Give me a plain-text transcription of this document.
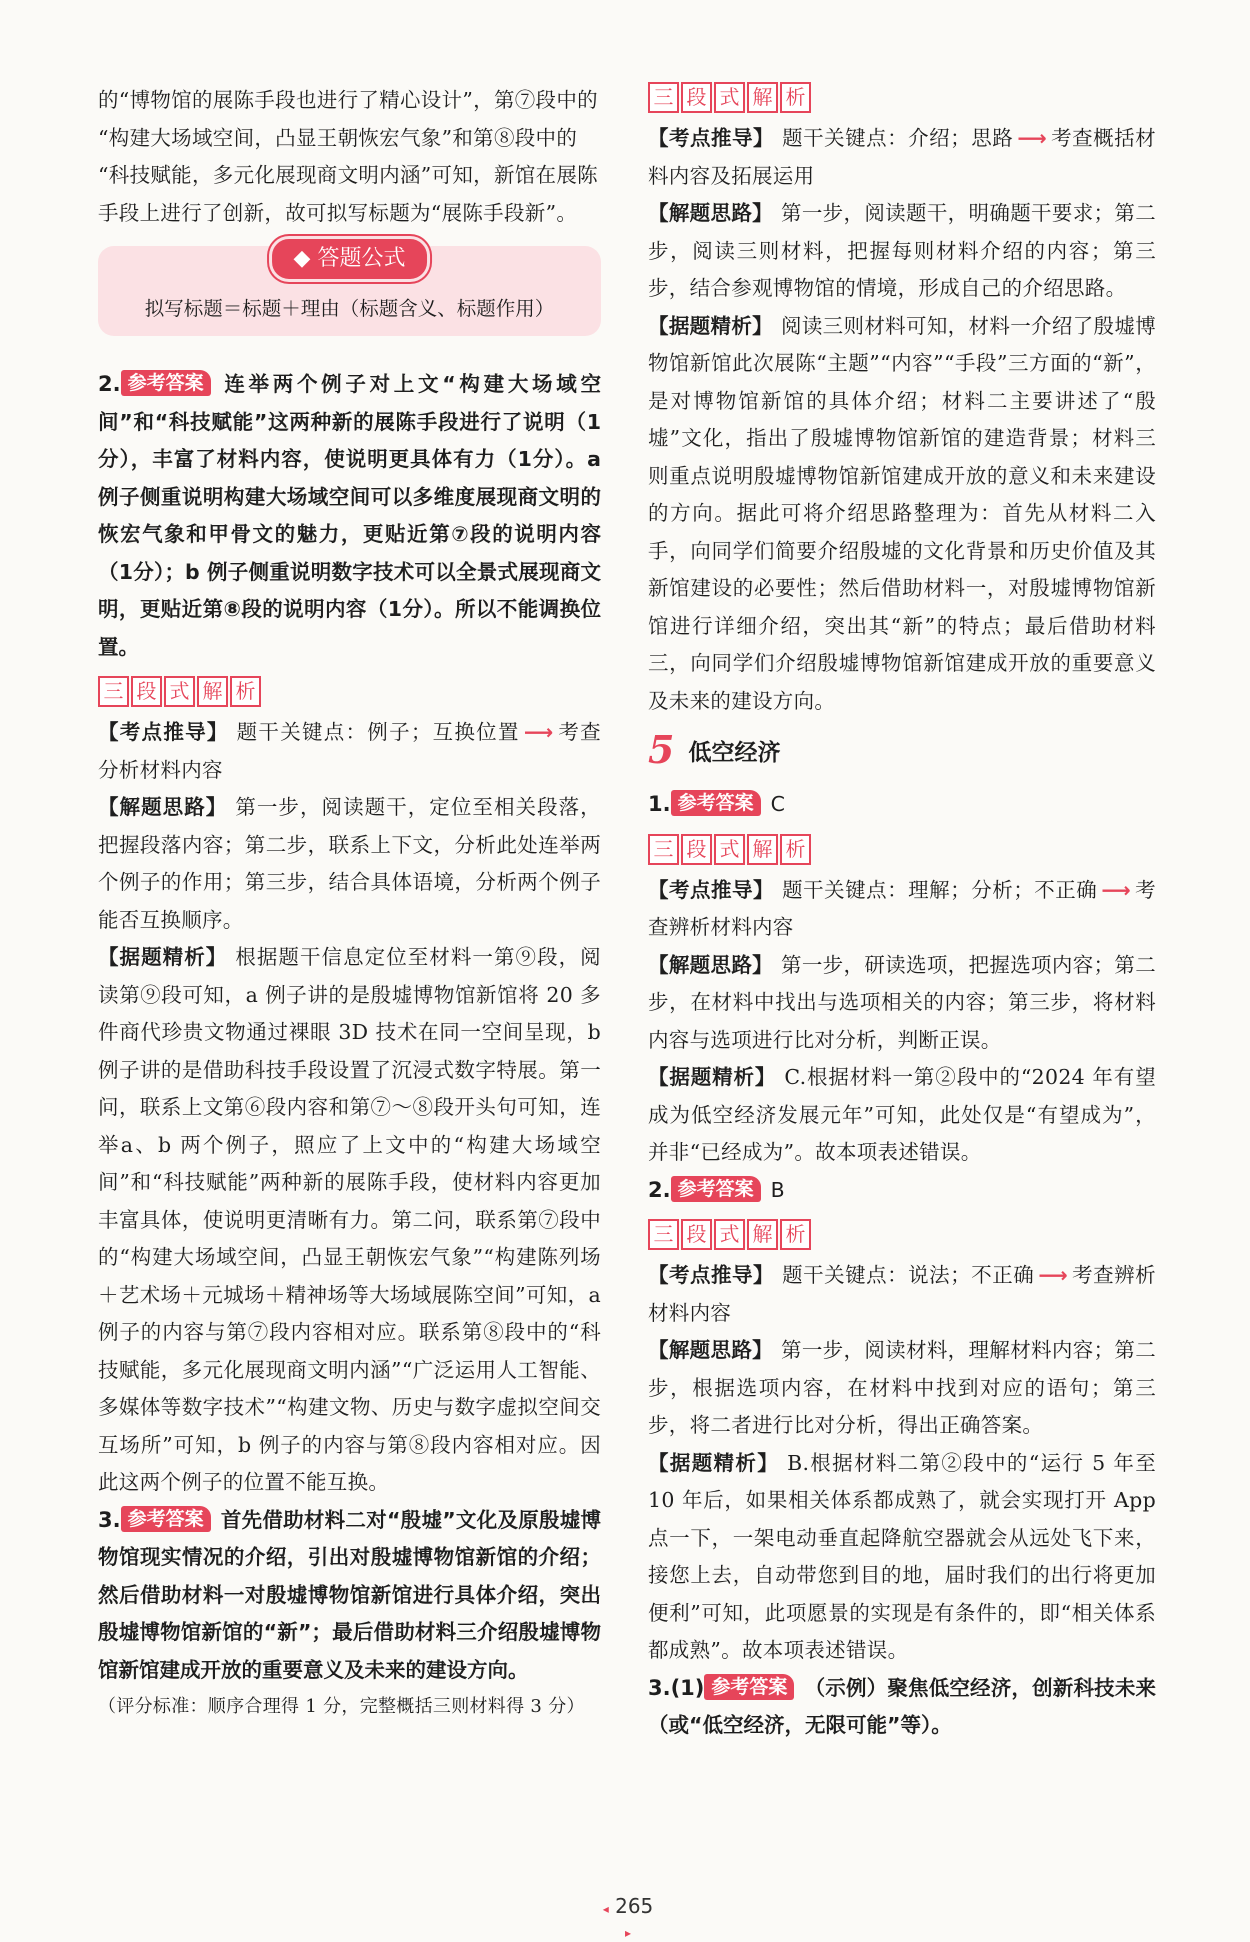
的“博物馆的展陈手段也进行了精心设计”，第⑦段中的

“构建大场域空间，凸显王朝恢宏气象”和第⑧段中的

“科技赋能，多元化展现商文明内涵”可知，新馆在展陈

手段上进行了创新，故可拟写标题为“展陈手段新”。

◆ 答题公式
拟写标题＝标题＋理由（标题含义、标题作用）

2. 参考答案 连举两个例子对上文“构建大场域空间”和“科技赋能”这两种新的展陈手段进行了说明（1分），丰富了材料内容，使说明更具体有力（1分）。a 例子侧重说明构建大场域空间可以多维度展现商文明的恢宏气象和甲骨文的魅力，更贴近第⑦段的说明内容（1分）；b 例子侧重说明数字技术可以全景式展现商文明，更贴近第⑧段的说明内容（1分）。所以不能调换位置。

三 段 式 解 析

【考点推导】 题干关键点：例子；互换位置 ⟶ 考查分析材料内容

【解题思路】 第一步，阅读题干，定位至相关段落，把握段落内容；第二步，联系上下文，分析此处连举两个例子的作用；第三步，结合具体语境，分析两个例子能否互换顺序。

【据题精析】 根据题干信息定位至材料一第⑨段，阅读第⑨段可知，a 例子讲的是殷墟博物馆新馆将 20 多件商代珍贵文物通过裸眼 3D 技术在同一空间呈现，b 例子讲的是借助科技手段设置了沉浸式数字特展。第一问，联系上文第⑥段内容和第⑦～⑧段开头句可知，连举a、b 两个例子，照应了上文中的“构建大场域空间”和“科技赋能”两种新的展陈手段，使材料内容更加丰富具体，使说明更清晰有力。第二问，联系第⑦段中的“构建大场域空间，凸显王朝恢宏气象”“构建陈列场＋艺术场＋元城场＋精神场等大场域展陈空间”可知，a 例子的内容与第⑦段内容相对应。联系第⑧段中的“科技赋能，多元化展现商文明内涵”“广泛运用人工智能、多媒体等数字技术”“构建文物、历史与数字虚拟空间交互场所”可知，b 例子的内容与第⑧段内容相对应。因此这两个例子的位置不能互换。

3. 参考答案 首先借助材料二对“殷墟”文化及原殷墟博物馆现实情况的介绍，引出对殷墟博物馆新馆的介绍；然后借助材料一对殷墟博物馆新馆进行具体介绍，突出殷墟博物馆新馆的“新”；最后借助材料三介绍殷墟博物馆新馆建成开放的重要意义及未来的建设方向。

（评分标准：顺序合理得 1 分，完整概括三则材料得 3 分）

三 段 式 解 析

【考点推导】 题干关键点：介绍；思路 ⟶ 考查概括材料内容及拓展运用

【解题思路】 第一步，阅读题干，明确题干要求；第二步，阅读三则材料，把握每则材料介绍的内容；第三步，结合参观博物馆的情境，形成自己的介绍思路。

【据题精析】 阅读三则材料可知，材料一介绍了殷墟博物馆新馆此次展陈“主题”“内容”“手段”三方面的“新”，是对博物馆新馆的具体介绍；材料二主要讲述了“殷墟”文化，指出了殷墟博物馆新馆的建造背景；材料三则重点说明殷墟博物馆新馆建成开放的意义和未来建设的方向。据此可将介绍思路整理为：首先从材料二入手，向同学们简要介绍殷墟的文化背景和历史价值及其新馆建设的必要性；然后借助材料一，对殷墟博物馆新馆进行详细介绍，突出其“新”的特点；最后借助材料三，向同学们介绍殷墟博物馆新馆建成开放的重要意义及未来的建设方向。

5 低空经济

1. 参考答案 C

三 段 式 解 析

【考点推导】 题干关键点：理解；分析；不正确 ⟶ 考查辨析材料内容

【解题思路】 第一步，研读选项，把握选项内容；第二步，在材料中找出与选项相关的内容；第三步，将材料内容与选项进行比对分析，判断正误。

【据题精析】 C.根据材料一第②段中的“2024 年有望成为低空经济发展元年”可知，此处仅是“有望成为”，并非“已经成为”。故本项表述错误。

2. 参考答案 B

三 段 式 解 析

【考点推导】 题干关键点：说法；不正确 ⟶ 考查辨析材料内容

【解题思路】 第一步，阅读材料，理解材料内容；第二步，根据选项内容，在材料中找到对应的语句；第三步，将二者进行比对分析，得出正确答案。

【据题精析】 B.根据材料二第②段中的“运行 5 年至 10 年后，如果相关体系都成熟了，就会实现打开 App 点一下，一架电动垂直起降航空器就会从远处飞下来，接您上去，自动带您到目的地，届时我们的出行将更加便利”可知，此项愿景的实现是有条件的，即“相关体系都成熟”。故本项表述错误。

3.(1) 参考答案 （示例）聚焦低空经济，创新科技未来（或“低空经济，无限可能”等）。

◂ 265 ▸
